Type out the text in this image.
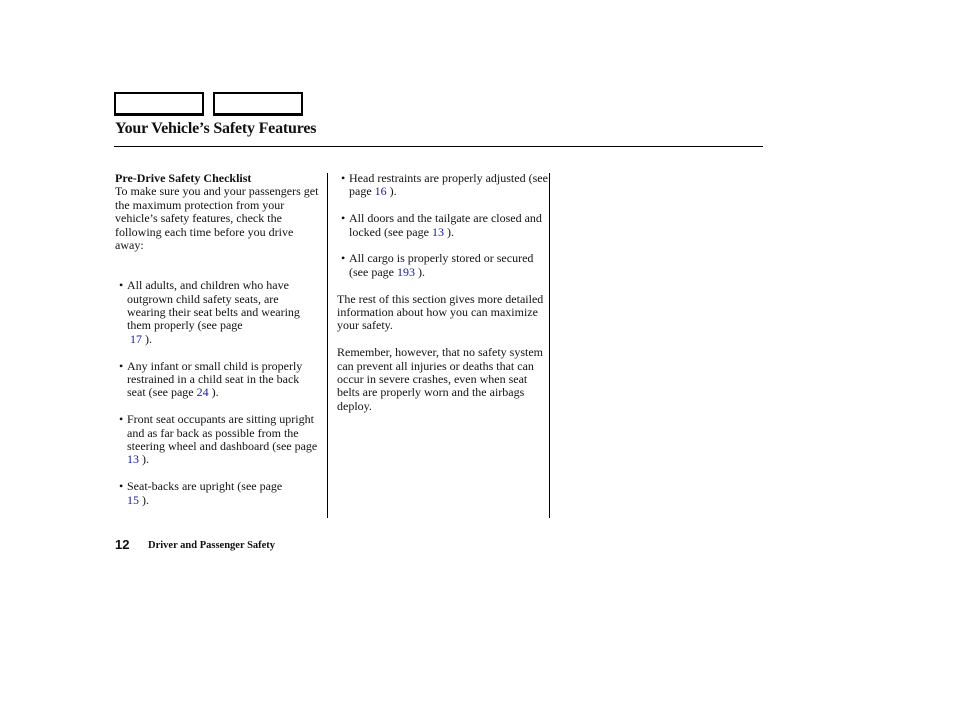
Your Vehicle’s Safety Features

Pre-Drive Safety Checklist

To make sure you and your passengers get the maximum protection from your vehicle’s safety features, check the following each time before you drive away:

• All adults, and children who have outgrown child safety seats, are wearing their seat belts and wearing them properly (see page
17 ).
• Any infant or small child is properly restrained in a child seat in the back seat (see page 24 ).
• Front seat occupants are sitting upright and as far back as possible from the steering wheel and dashboard (see page 13 ).
• Seat-backs are upright (see page
15 ).
• Head restraints are properly adjusted (see page 16 ).
• All doors and the tailgate are closed and locked (see page 13 ).
• All cargo is properly stored or secured (see page 193 ).

The rest of this section gives more detailed information about how you can maximize your safety.

Remember, however, that no safety system can prevent all injuries or deaths that can occur in severe crashes, even when seat belts are properly worn and the airbags deploy.

12 Driver and Passenger Safety
